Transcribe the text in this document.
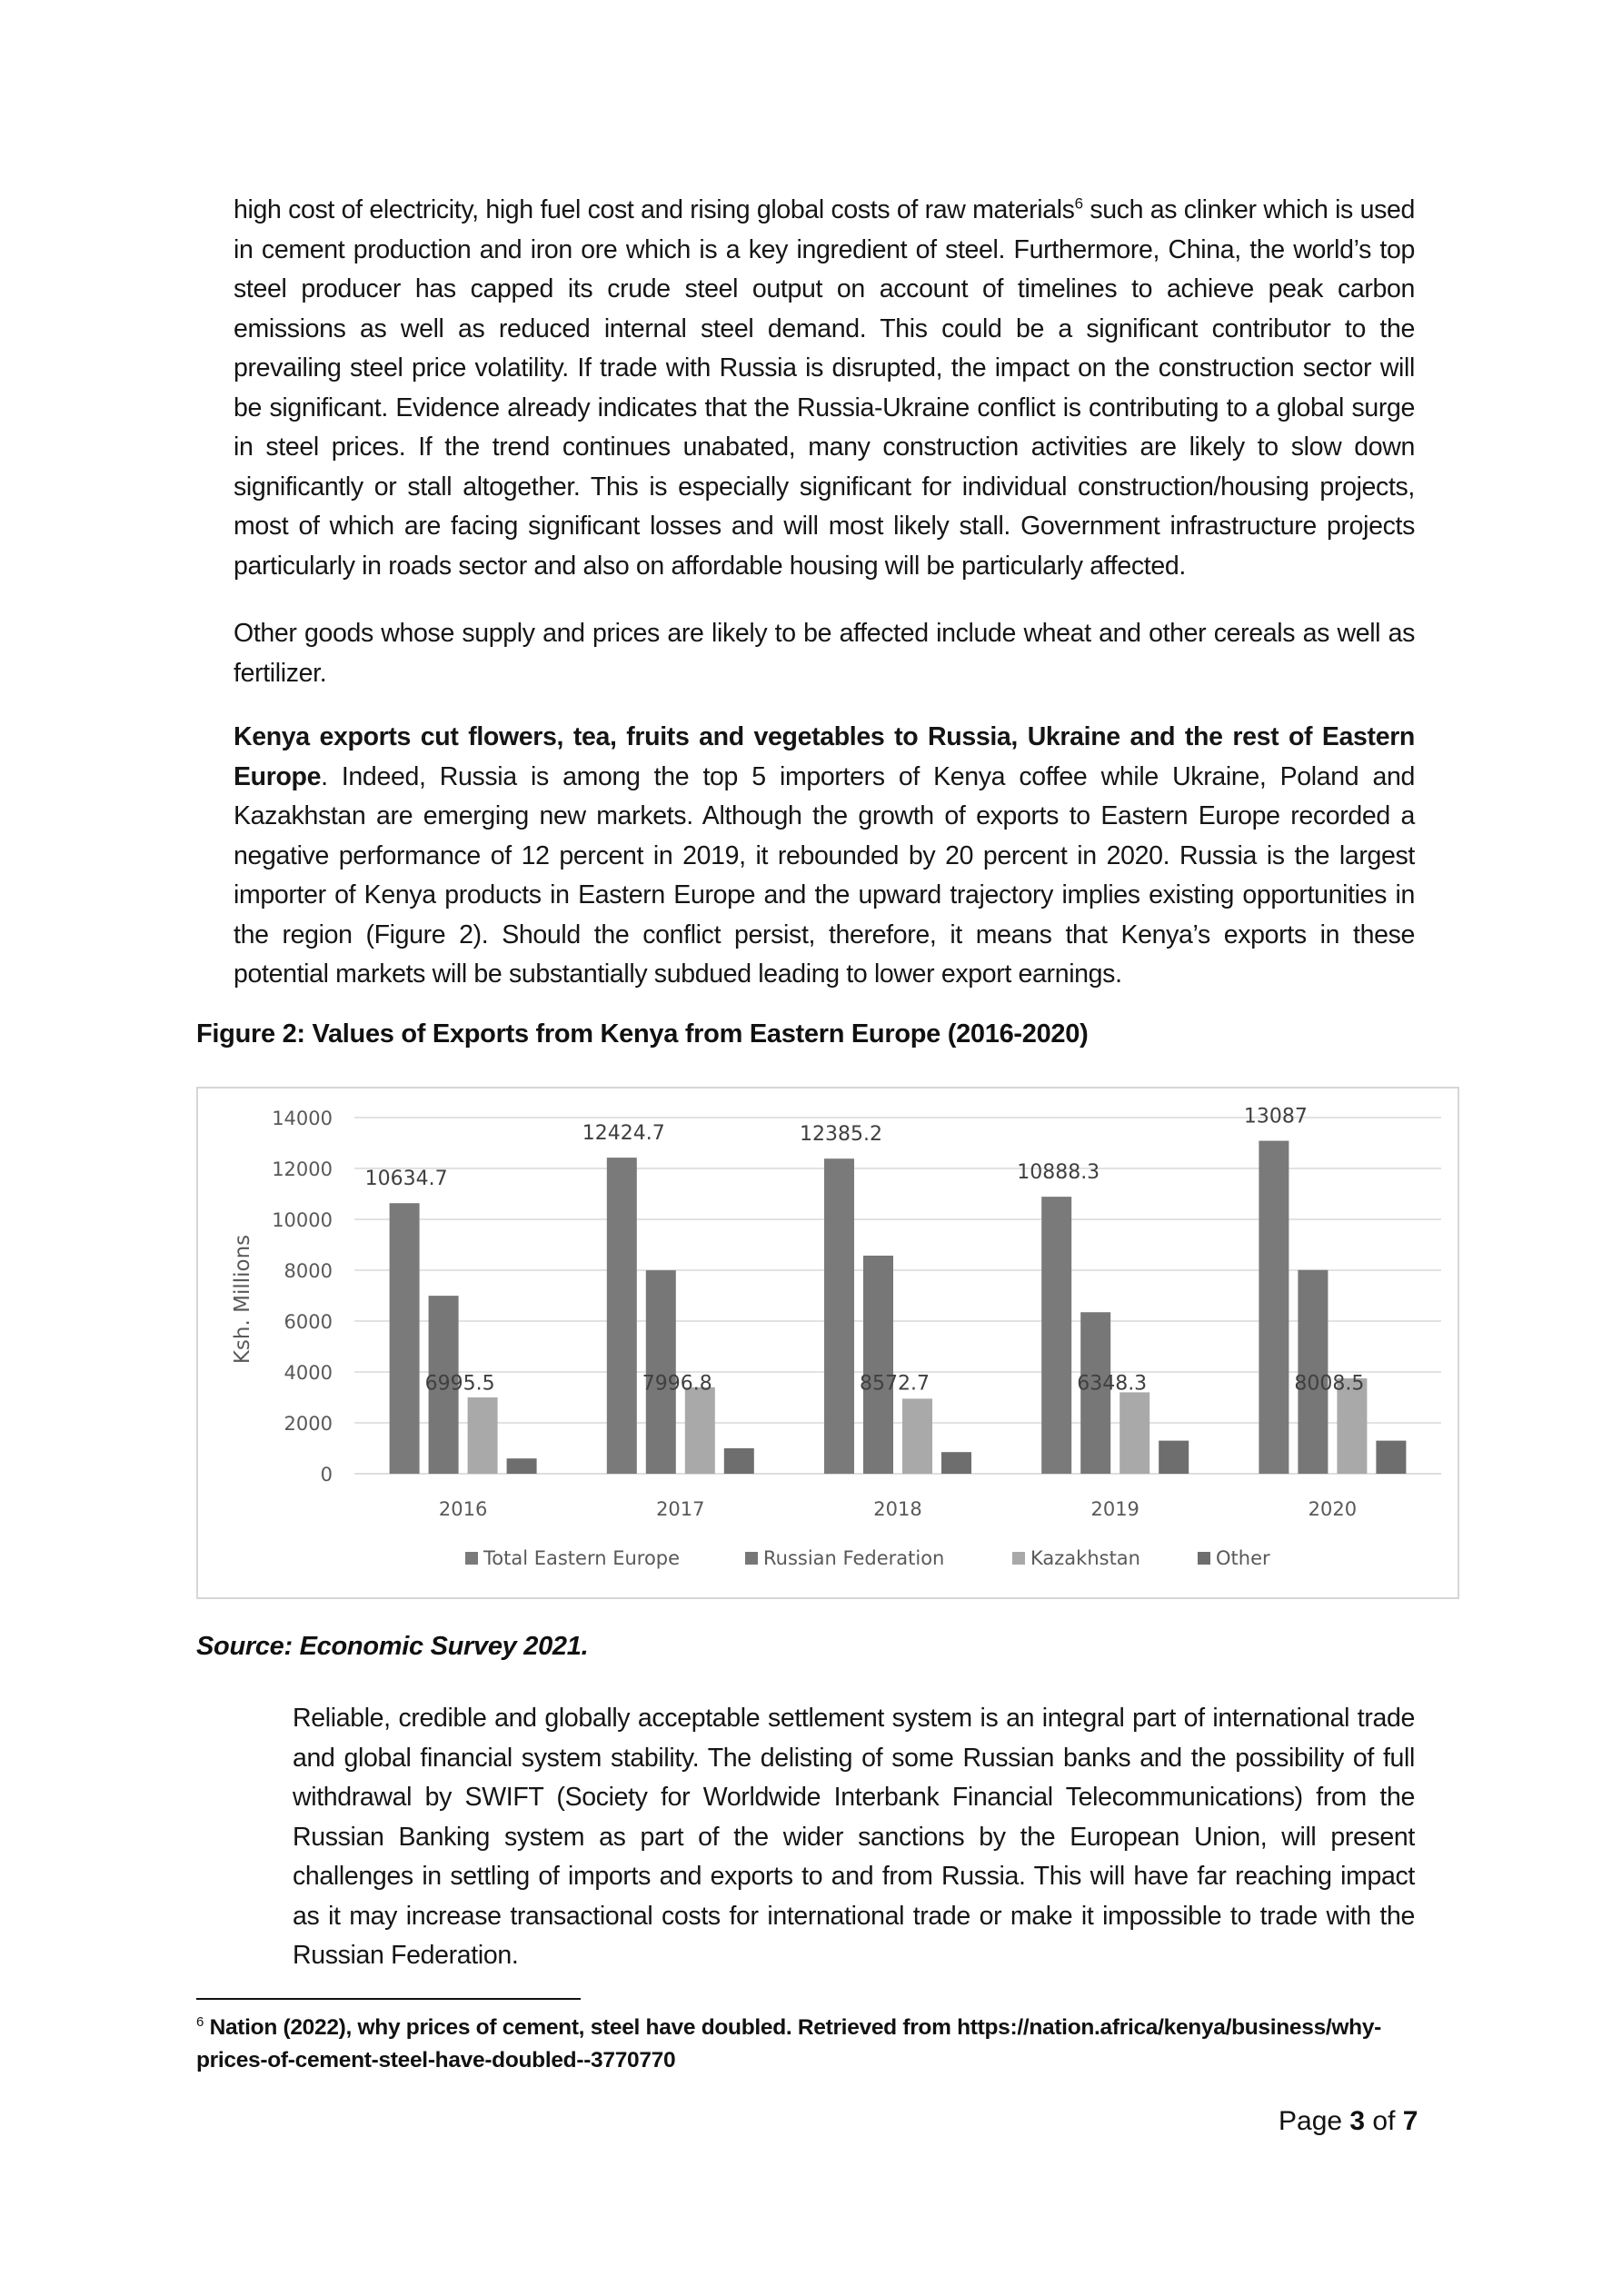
high cost of electricity, high fuel cost and rising global costs of raw materials$^6$ such as clinker which is used in cement production and iron ore which is a key ingredient of steel. Furthermore, China, the world’s top steel producer has capped its crude steel output on account of timelines to achieve peak carbon emissions as well as reduced internal steel demand. This could be a significant contributor to the prevailing steel price volatility. If trade with Russia is disrupted, the impact on the construction sector will be significant. Evidence already indicates that the Russia-Ukraine conflict is contributing to a global surge in steel prices. If the trend continues unabated, many construction activities are likely to slow down significantly or stall altogether. This is especially significant for individual construction/housing projects, most of which are facing significant losses and will most likely stall. Government infrastructure projects particularly in roads sector and also on affordable housing will be particularly affected.

Other goods whose supply and prices are likely to be affected include wheat and other cereals as well as fertilizer.

Kenya exports cut flowers, tea, fruits and vegetables to Russia, Ukraine and the rest of Eastern Europe. Indeed, Russia is among the top 5 importers of Kenya coffee while Ukraine, Poland and Kazakhstan are emerging new markets. Although the growth of exports to Eastern Europe recorded a negative performance of 12 percent in 2019, it rebounded by 20 percent in 2020. Russia is the largest importer of Kenya products in Eastern Europe and the upward trajectory implies existing opportunities in the region (Figure 2). Should the conflict persist, therefore, it means that Kenya’s exports in these potential markets will be substantially subdued leading to lower export earnings.

Figure 2: Values of Exports from Kenya from Eastern Europe (2016-2020)

0
2000
4000
6000
8000
10000
12000
14000
2016	2017	2018	2019	2020
10634.7
6995.5
12424.7
7996.8
12385.2
8572.7
10888.3
6348.3
13087
8008.5
Total Eastern Europe	Russian Federation	Kazakhstan	Other
Ksh. Millions

Source: Economic Survey 2021.

Reliable, credible and globally acceptable settlement system is an integral part of international trade and global financial system stability. The delisting of some Russian banks and the possibility of full withdrawal by SWIFT (Society for Worldwide Interbank Financial Telecommunications) from the Russian Banking system as part of the wider sanctions by the European Union, will present challenges in settling of imports and exports to and from Russia. This will have far reaching impact as it may increase transactional costs for international trade or make it impossible to trade with the Russian Federation.

$^6$ Nation (2022), why prices of cement, steel have doubled. Retrieved from https://nation.africa/kenya/business/why-prices-of-cement-steel-have-doubled--3770770

Page 3 of 7
